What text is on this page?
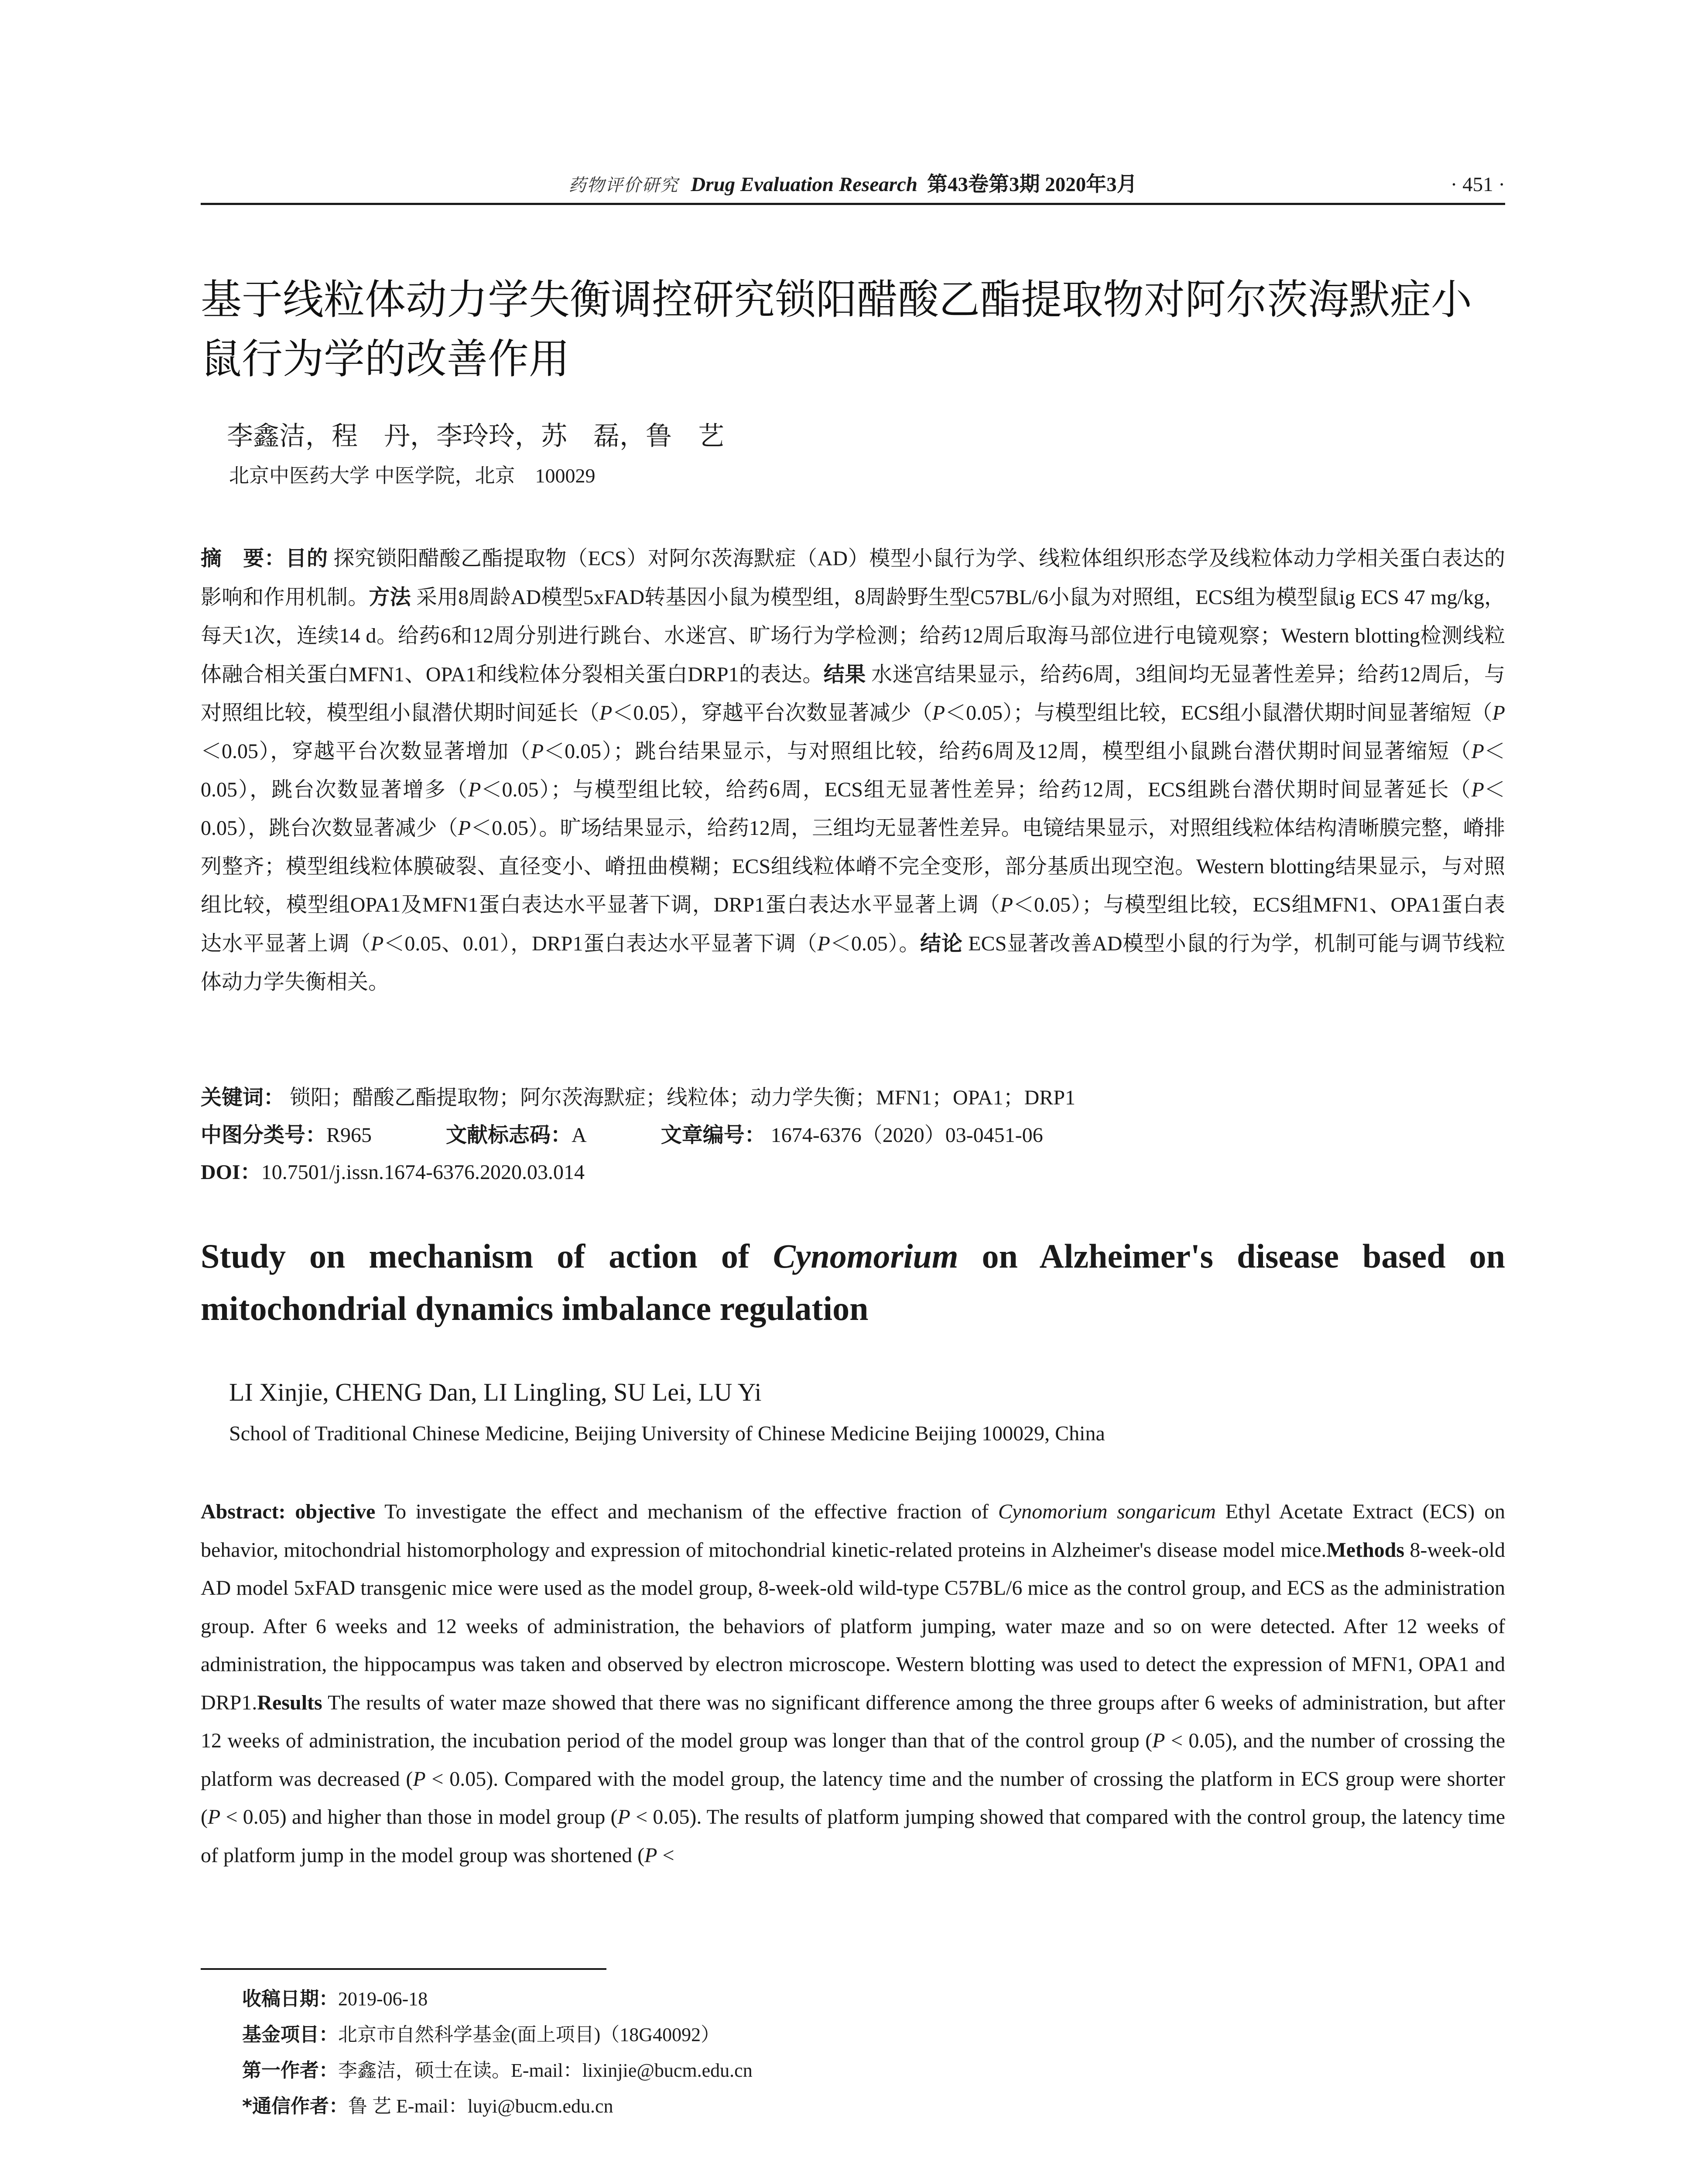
药物评价研究 Drug Evaluation Research 第43卷第3期 2020年3月	· 451 ·
基于线粒体动力学失衡调控研究锁阳醋酸乙酯提取物对阿尔茨海默症小鼠行为学的改善作用
李鑫洁，程　丹，李玲玲，苏　磊，鲁　艺
北京中医药大学 中医学院，北京　100029
摘　要：目的 探究锁阳醋酸乙酯提取物（ECS）对阿尔茨海默症（AD）模型小鼠行为学、线粒体组织形态学及线粒体动力学相关蛋白表达的影响和作用机制。方法 采用8周龄AD模型5xFAD转基因小鼠为模型组，8周龄野生型C57BL/6小鼠为对照组，ECS组为模型鼠ig ECS 47 mg/kg，每天1次，连续14 d。给药6和12周分别进行跳台、水迷宫、旷场行为学检测；给药12周后取海马部位进行电镜观察；Western blotting检测线粒体融合相关蛋白MFN1、OPA1和线粒体分裂相关蛋白DRP1的表达。结果 水迷宫结果显示，给药6周，3组间均无显著性差异；给药12周后，与对照组比较，模型组小鼠潜伏期时间延长（P＜0.05），穿越平台次数显著减少（P＜0.05）；与模型组比较，ECS组小鼠潜伏期时间显著缩短（P＜0.05），穿越平台次数显著增加（P＜0.05）；跳台结果显示，与对照组比较，给药6周及12周，模型组小鼠跳台潜伏期时间显著缩短（P＜0.05），跳台次数显著增多（P＜0.05）；与模型组比较，给药6周，ECS组无显著性差异；给药12周，ECS组跳台潜伏期时间显著延长（P＜0.05），跳台次数显著减少（P＜0.05）。旷场结果显示，给药12周，三组均无显著性差异。电镜结果显示，对照组线粒体结构清晰膜完整，嵴排列整齐；模型组线粒体膜破裂、直径变小、嵴扭曲模糊；ECS组线粒体嵴不完全变形，部分基质出现空泡。Western blotting结果显示，与对照组比较，模型组OPA1及MFN1蛋白表达水平显著下调，DRP1蛋白表达水平显著上调（P＜0.05）；与模型组比较，ECS组MFN1、OPA1蛋白表达水平显著上调（P＜0.05、0.01），DRP1蛋白表达水平显著下调（P＜0.05）。结论 ECS显著改善AD模型小鼠的行为学，机制可能与调节线粒体动力学失衡相关。
关键词： 锁阳；醋酸乙酯提取物；阿尔茨海默症；线粒体；动力学失衡；MFN1；OPA1；DRP1
中图分类号：R965	文献标志码：A	文章编号： 1674-6376（2020）03-0451-06
DOI：10.7501/j.issn.1674-6376.2020.03.014
Study on mechanism of action of Cynomorium on Alzheimer's disease based on mitochondrial dynamics imbalance regulation
LI Xinjie, CHENG Dan, LI Lingling, SU Lei, LU Yi
School of Traditional Chinese Medicine, Beijing University of Chinese Medicine Beijing 100029, China
Abstract: objective To investigate the effect and mechanism of the effective fraction of Cynomorium songaricum Ethyl Acetate Extract (ECS) on behavior, mitochondrial histomorphology and expression of mitochondrial kinetic-related proteins in Alzheimer's disease model mice.Methods 8-week-old AD model 5xFAD transgenic mice were used as the model group, 8-week-old wild-type C57BL/6 mice as the control group, and ECS as the administration group. After 6 weeks and 12 weeks of administration, the behaviors of platform jumping, water maze and so on were detected. After 12 weeks of administration, the hippocampus was taken and observed by electron microscope. Western blotting was used to detect the expression of MFN1, OPA1 and DRP1.Results The results of water maze showed that there was no significant difference among the three groups after 6 weeks of administration, but after 12 weeks of administration, the incubation period of the model group was longer than that of the control group (P < 0.05), and the number of crossing the platform was decreased (P < 0.05). Compared with the model group, the latency time and the number of crossing the platform in ECS group were shorter (P < 0.05) and higher than those in model group (P < 0.05). The results of platform jumping showed that compared with the control group, the latency time of platform jump in the model group was shortened (P <
收稿日期：2019-06-18
基金项目：北京市自然科学基金(面上项目)（18G40092）
第一作者：李鑫洁，硕士在读。E-mail：lixinjie@bucm.edu.cn
*通信作者：鲁 艺 E-mail：luyi@bucm.edu.cn
